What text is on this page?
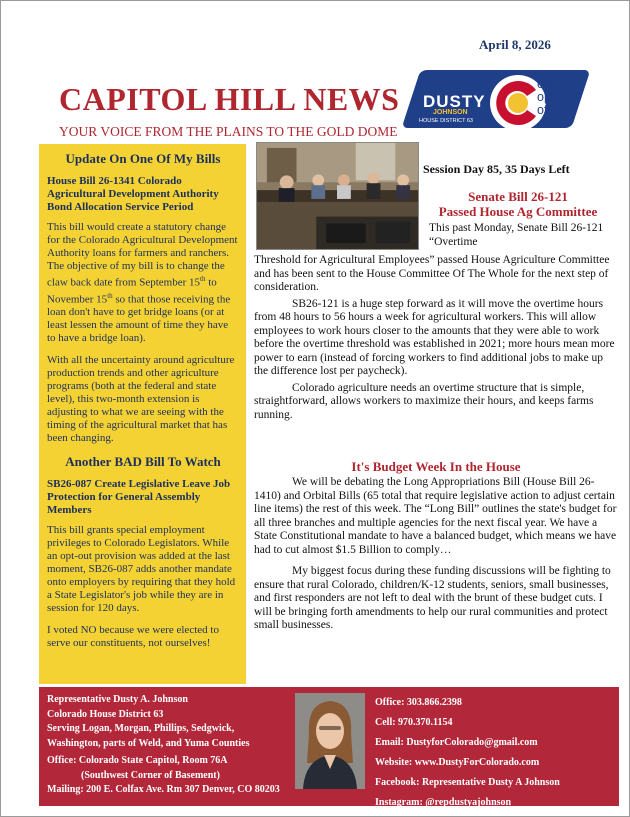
April 8, 2026
CAPITOL HILL NEWS
YOUR VOICE FROM THE PLAINS TO THE GOLD DOME
DUSTY
JOHNSON
HOUSE DISTRICT 63
ows,
ops &
offee
Update On One Of My Bills
House Bill 26-1341 Colorado Agricultural Development Authority Bond Allocation Service Period
This bill would create a statutory change for the Colorado Agricultural Development Authority loans for farmers and ranchers. The objective of my bill is to change the claw back date from September 15th to November 15th so that those receiving the loan don't have to get bridge loans (or at least lessen the amount of time they have to have a bridge loan).
With all the uncertainty around agriculture production trends and other agriculture programs (both at the federal and state level), this two-month extension is adjusting to what we are seeing with the timing of the agricultural market that has been changing.
Another BAD Bill To Watch
SB26-087 Create Legislative Leave Job Protection for General Assembly Members
This bill grants special employment privileges to Colorado Legislators. While an opt-out provision was added at the last moment, SB26-087 adds another mandate onto employers by requiring that they hold a State Legislator's job while they are in session for 120 days.
I voted NO because we were elected to serve our constituents, not ourselves!
Session Day 85, 35 Days Left
Senate Bill 26-121
Passed House Ag Committee
This past Monday, Senate Bill 26-121 “Overtime

Threshold for Agricultural Employees” passed House Agriculture Committee and has been sent to the House Committee Of The Whole for the next step of consideration.

SB26-121 is a huge step forward as it will move the overtime hours from 48 hours to 56 hours a week for agricultural workers. This will allow employees to work hours closer to the amounts that they were able to work before the overtime threshold was established in 2021; more hours mean more power to earn (instead of forcing workers to find additional jobs to make up the difference lost per paycheck).

Colorado agriculture needs an overtime structure that is simple, straightforward, allows workers to maximize their hours, and keeps farms running.

It's Budget Week In the House

We will be debating the Long Appropriations Bill (House Bill 26-1410) and Orbital Bills (65 total that require legislative action to adjust certain line items) the rest of this week. The “Long Bill” outlines the state's budget for all three branches and multiple agencies for the next fiscal year. We have a State Constitutional mandate to have a balanced budget, which means we have had to cut almost $1.5 Billion to comply…

My biggest focus during these funding discussions will be fighting to ensure that rural Colorado, children/K-12 students, seniors, small businesses, and first responders are not left to deal with the brunt of these budget cuts. I will be bringing forth amendments to help our rural communities and protect small businesses.

Representative Dusty A. Johnson
Colorado House District 63
Serving Logan, Morgan, Phillips, Sedgwick,
Washington, parts of Weld, and Yuma Counties
Office: Colorado State Capitol, Room 76A
(Southwest Corner of Basement)
Mailing: 200 E. Colfax Ave. Rm 307 Denver, CO 80203
Office: 303.866.2398
Cell: 970.370.1154
Email: DustyforColorado@gmail.com
Website: www.DustyForColorado.com
Facebook: Representative Dusty A Johnson
Instagram: @repdustyajohnson
